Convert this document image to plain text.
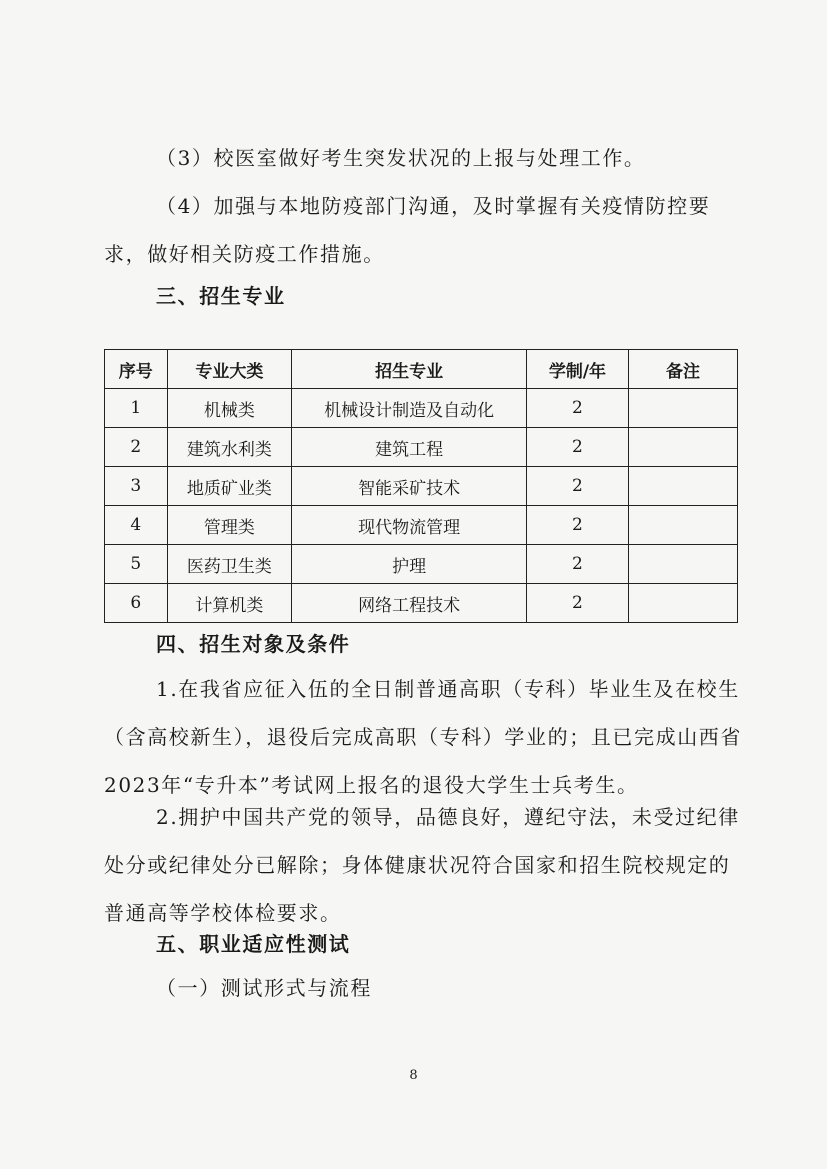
（3）校医室做好考生突发状况的上报与处理工作。

（4）加强与本地防疫部门沟通，及时掌握有关疫情防控要求，做好相关防疫工作措施。

三、招生专业

序号	专业大类	招生专业	学制/年	备注
1	机械类	机械设计制造及自动化	2	
2	建筑水利类	建筑工程	2	
3	地质矿业类	智能采矿技术	2	
4	管理类	现代物流管理	2	
5	医药卫生类	护理	2	
6	计算机类	网络工程技术	2	

四、招生对象及条件

1.在我省应征入伍的全日制普通高职（专科）毕业生及在校生（含高校新生），退役后完成高职（专科）学业的；且已完成山西省2023年“专升本”考试网上报名的退役大学生士兵考生。

2.拥护中国共产党的领导，品德良好，遵纪守法，未受过纪律处分或纪律处分已解除；身体健康状况符合国家和招生院校规定的普通高等学校体检要求。

五、职业适应性测试

（一）测试形式与流程

8
